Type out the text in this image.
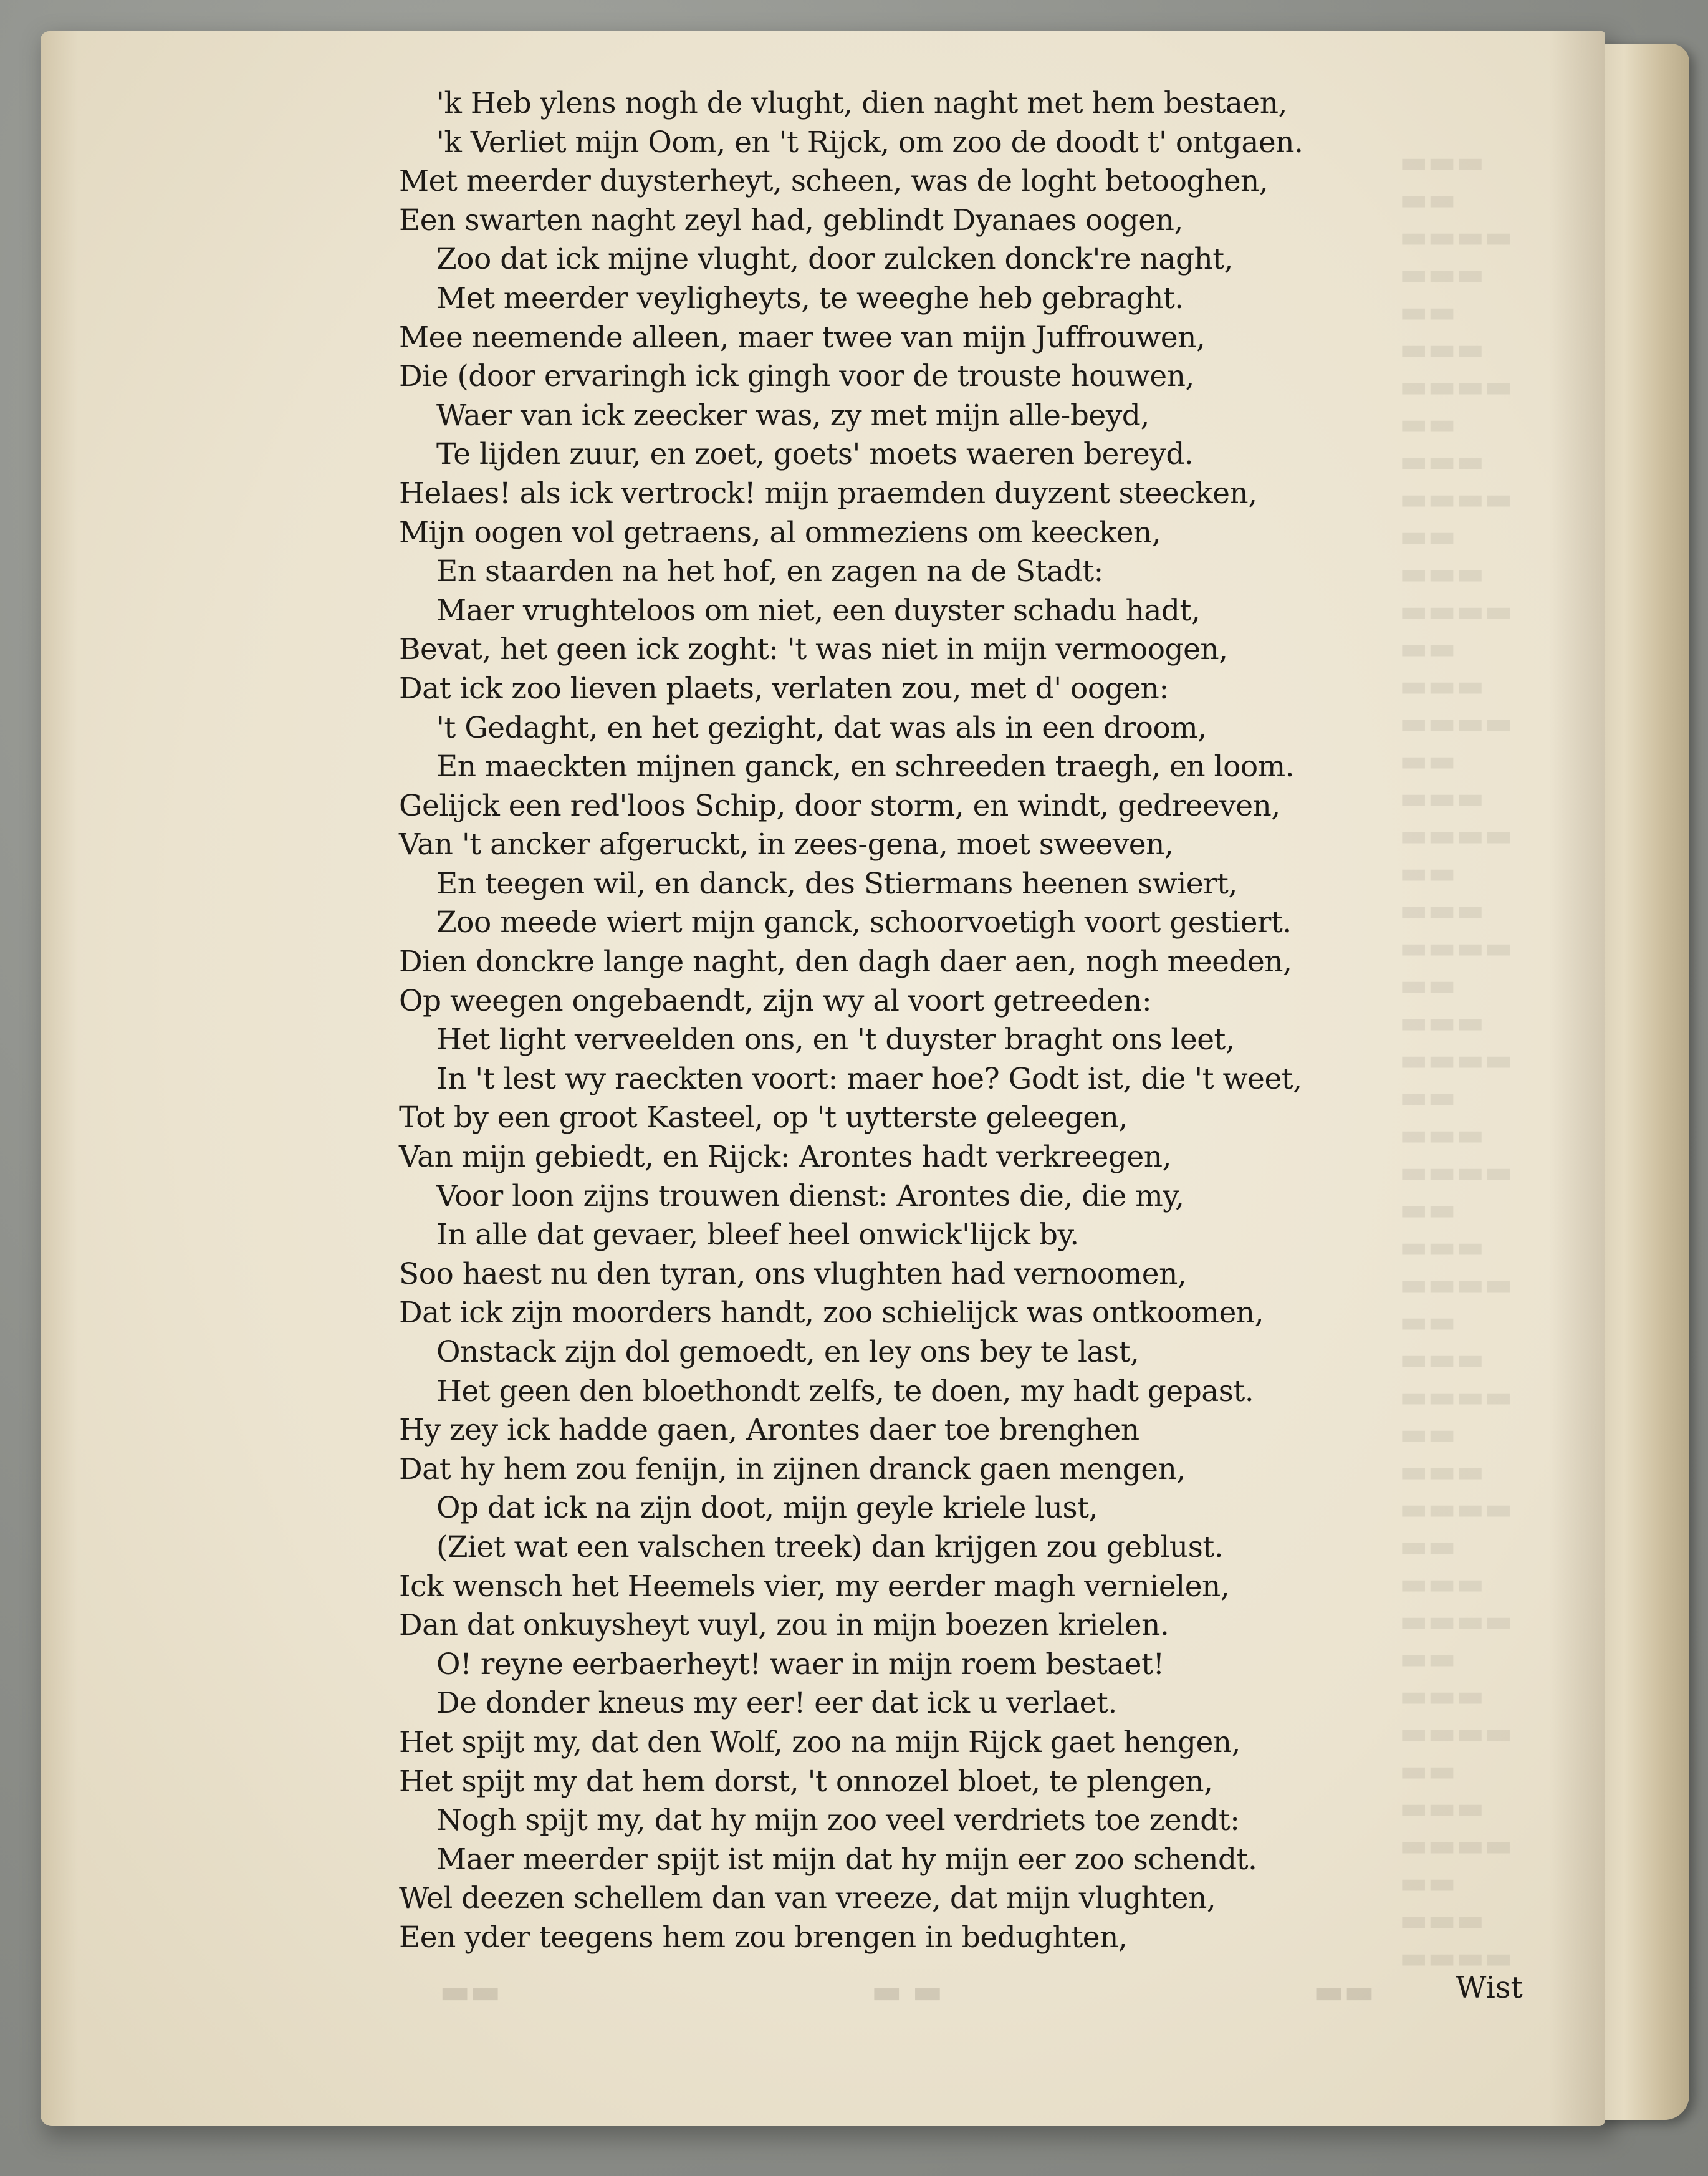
▬▬▬
▬▬
▬▬▬▬
▬▬▬
▬▬
▬▬▬
▬▬▬▬
▬▬
▬▬▬
▬▬▬▬
▬▬
▬▬▬
▬▬▬▬
▬▬
▬▬▬
▬▬▬▬
▬▬
▬▬▬
▬▬▬▬
▬▬
▬▬▬
▬▬▬▬
▬▬
▬▬▬
▬▬▬▬
▬▬
▬▬▬
▬▬▬▬
▬▬
▬▬▬
▬▬▬▬
▬▬
▬▬▬
▬▬▬▬
▬▬
▬▬▬
▬▬▬▬
▬▬
▬▬▬
▬▬▬▬
▬▬
▬▬▬
▬▬▬▬
▬▬
▬▬▬
▬▬▬▬
▬▬
▬▬▬
▬▬▬▬
'k Heb ylens nogh de vlught, dien naght met hem bestaen,
'k Verliet mijn Oom, en 't Rijck, om zoo de doodt t' ontgaen.
Met meerder duysterheyt, scheen, was de loght betooghen,
Een swarten naght zeyl had, geblindt Dyanaes oogen,
Zoo dat ick mijne vlught, door zulcken donck're naght,
Met meerder veyligheyts, te weeghe heb gebraght.
Mee neemende alleen, maer twee van mijn Juffrouwen,
Die (door ervaringh ick gingh voor de trouste houwen,
Waer van ick zeecker was, zy met mijn alle-beyd,
Te lijden zuur, en zoet, goets' moets waeren bereyd.
Helaes! als ick vertrock! mijn praemden duyzent steecken,
Mijn oogen vol getraens, al ommeziens om keecken,
En staarden na het hof, en zagen na de Stadt:
Maer vrughteloos om niet, een duyster schadu hadt,
Bevat, het geen ick zoght: 't was niet in mijn vermoogen,
Dat ick zoo lieven plaets, verlaten zou, met d' oogen:
't Gedaght, en het gezight, dat was als in een droom,
En maeckten mijnen ganck, en schreeden traegh, en loom.
Gelijck een red'loos Schip, door storm, en windt, gedreeven,
Van 't ancker afgeruckt, in zees-gena, moet sweeven,
En teegen wil, en danck, des Stiermans heenen swiert,
Zoo meede wiert mijn ganck, schoorvoetigh voort gestiert.
Dien donckre lange naght, den dagh daer aen, nogh meeden,
Op weegen ongebaendt, zijn wy al voort getreeden:
Het light verveelden ons, en 't duyster braght ons leet,
In 't lest wy raeckten voort: maer hoe? Godt ist, die 't weet,
Tot by een groot Kasteel, op 't uytterste geleegen,
Van mijn gebiedt, en Rijck: Arontes hadt verkreegen,
Voor loon zijns trouwen dienst: Arontes die, die my,
In alle dat gevaer, bleef heel onwick'lijck by.
Soo haest nu den tyran, ons vlughten had vernoomen,
Dat ick zijn moorders handt, zoo schielijck was ontkoomen,
Onstack zijn dol gemoedt, en ley ons bey te last,
Het geen den bloethondt zelfs, te doen, my hadt gepast.
Hy zey ick hadde gaen, Arontes daer toe brenghen
Dat hy hem zou fenijn, in zijnen dranck gaen mengen,
Op dat ick na zijn doot, mijn geyle kriele lust,
(Ziet wat een valschen treek) dan krijgen zou geblust.
Ick wensch het Heemels vier, my eerder magh vernielen,
Dan dat onkuysheyt vuyl, zou in mijn boezen krielen.
O! reyne eerbaerheyt! waer in mijn roem bestaet!
De donder kneus my eer! eer dat ick u verlaet.
Het spijt my, dat den Wolf, zoo na mijn Rijck gaet hengen,
Het spijt my dat hem dorst, 't onnozel bloet, te plengen,
Nogh spijt my, dat hy mijn zoo veel verdriets toe zendt:
Maer meerder spijt ist mijn dat hy mijn eer zoo schendt.
Wel deezen schellem dan van vreeze, dat mijn vlughten,
Een yder teegens hem zou brengen in bedughten,
▬▬	▬ ▬	▬▬	Wist
